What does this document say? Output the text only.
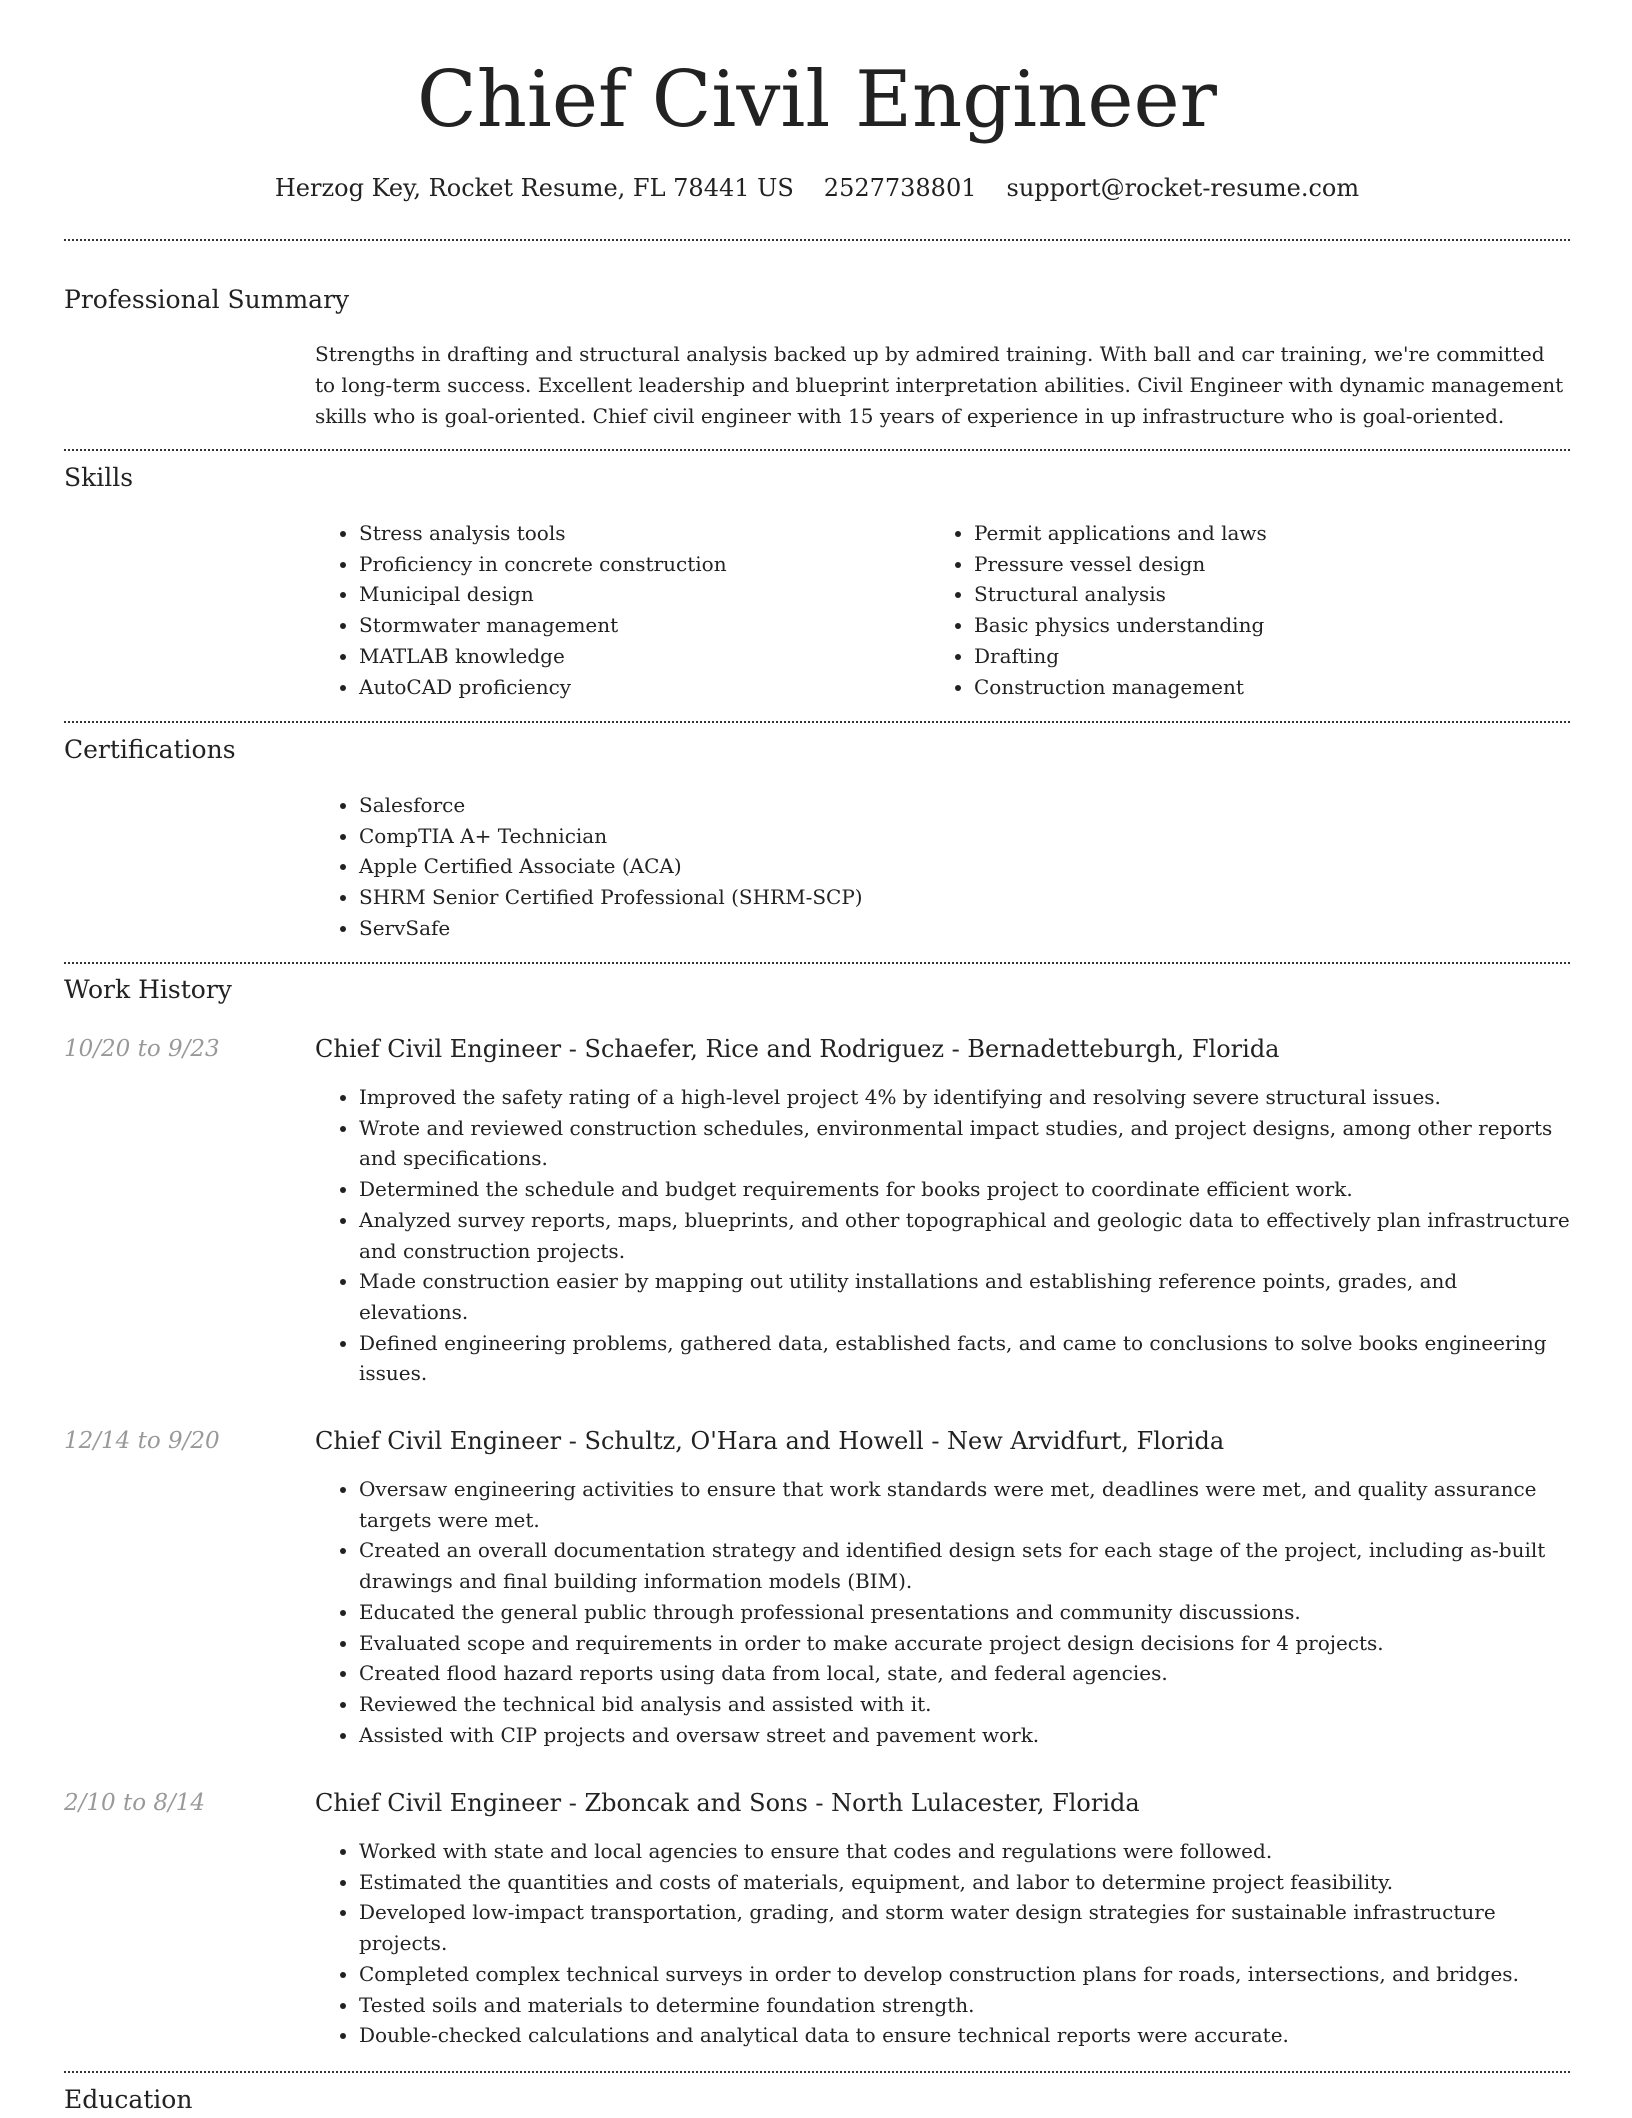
Chief Civil Engineer
Herzog Key, Rocket Resume, FL 78441 US 2527738801 support@rocket-resume.com
Professional Summary
Strengths in drafting and structural analysis backed up by admired training. With ball and car training, we're committed to long-term success. Excellent leadership and blueprint interpretation abilities. Civil Engineer with dynamic management skills who is goal-oriented. Chief civil engineer with 15 years of experience in up infrastructure who is goal-oriented.
Skills
• Stress analysis tools
• Proficiency in concrete construction
• Municipal design
• Stormwater management
• MATLAB knowledge
• AutoCAD proficiency
• Permit applications and laws
• Pressure vessel design
• Structural analysis
• Basic physics understanding
• Drafting
• Construction management
Certifications
• Salesforce
• CompTIA A+ Technician
• Apple Certified Associate (ACA)
• SHRM Senior Certified Professional (SHRM-SCP)
• ServSafe
Work History
10/20 to 9/23	Chief Civil Engineer - Schaefer, Rice and Rodriguez - Bernadetteburgh, Florida
• Improved the safety rating of a high-level project 4% by identifying and resolving severe structural issues.
• Wrote and reviewed construction schedules, environmental impact studies, and project designs, among other reports and specifications.
• Determined the schedule and budget requirements for books project to coordinate efficient work.
• Analyzed survey reports, maps, blueprints, and other topographical and geologic data to effectively plan infrastructure and construction projects.
• Made construction easier by mapping out utility installations and establishing reference points, grades, and elevations.
• Defined engineering problems, gathered data, established facts, and came to conclusions to solve books engineering issues.
12/14 to 9/20	Chief Civil Engineer - Schultz, O'Hara and Howell - New Arvidfurt, Florida
• Oversaw engineering activities to ensure that work standards were met, deadlines were met, and quality assurance targets were met.
• Created an overall documentation strategy and identified design sets for each stage of the project, including as-built drawings and final building information models (BIM).
• Educated the general public through professional presentations and community discussions.
• Evaluated scope and requirements in order to make accurate project design decisions for 4 projects.
• Created flood hazard reports using data from local, state, and federal agencies.
• Reviewed the technical bid analysis and assisted with it.
• Assisted with CIP projects and oversaw street and pavement work.
2/10 to 8/14	Chief Civil Engineer - Zboncak and Sons - North Lulacester, Florida
• Worked with state and local agencies to ensure that codes and regulations were followed.
• Estimated the quantities and costs of materials, equipment, and labor to determine project feasibility.
• Developed low-impact transportation, grading, and storm water design strategies for sustainable infrastructure projects.
• Completed complex technical surveys in order to develop construction plans for roads, intersections, and bridges.
• Tested soils and materials to determine foundation strength.
• Double-checked calculations and analytical data to ensure technical reports were accurate.
Education
